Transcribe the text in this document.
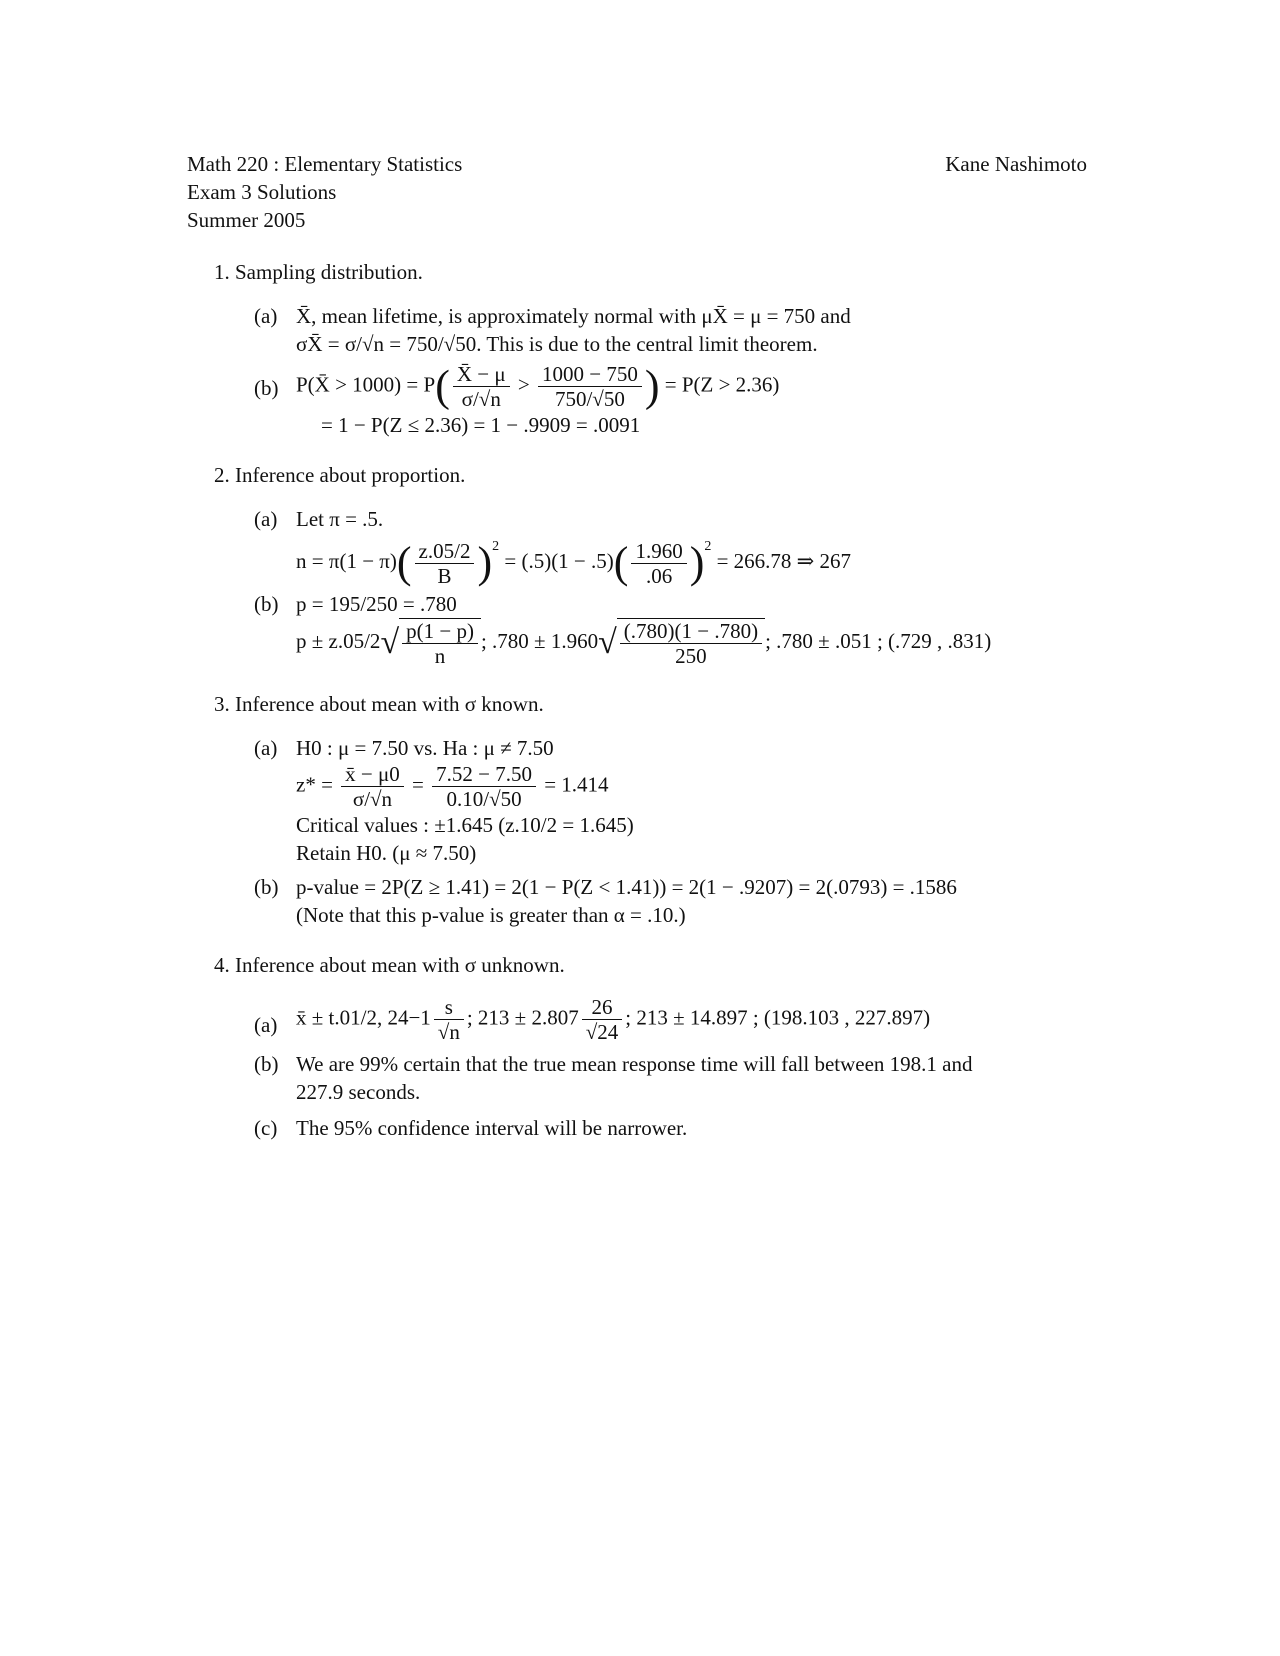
Math 220 : Elementary Statistics
Exam 3 Solutions
Summer 2005
Kane Nashimoto
1. Sampling distribution.
(a) X̄, mean lifetime, is approximately normal with μX̄ = μ = 750 and
σX̄ = σ/√n = 750/√50. This is due to the central limit theorem.
(b) P(X̄ > $1000) = P( \frac{X̄ - \mu}{\sigma/√n} > \frac{1000 - 750}{750/√50}$ ) = P(Z > 2.36)
= 1 − P(Z ≤ 2.36) = 1 − .9909 = .0091
2. Inference about proportion.
(a) Let π = .5.
$n = \pi(1 - \pi)( \frac{z.05/2}{B} )^2 = (.5)(1 - .5)( \frac{1.960}{.06} )^2 = 266.78$ ⇒ 267
(b) p = 195/250 = .780
$p \pm z.05/2√ \frac{p(1 - p)}{n}$ ; $.780 \pm 1.960√ \frac{(.780)(1 - .780)}{250}$ ; .780 ± .051 ; (.729 , .831)
3. Inference about mean with σ known.
(a) H0 : μ = 7.50 vs. Ha : μ ≠ 7.50
$z* = \frac{x̄ - \mu 0}{\sigma/√n} = \frac{7.52 - 7.50}{0.10/√50} = 1.414$
Critical values : ±1.645 (z.10/2 = 1.645)
Retain H0. (μ ≈ 7.50)
(b) p-value = 2P(Z ≥ 1.41) = 2(1 − P(Z < 1.41)) = 2(1 − .9207) = 2(.0793) = .1586
(Note that this p-value is greater than α = .10.)
4. Inference about mean with σ unknown.
(a) x̄ ± t.01/2, $24-1 \frac{s}{√n}$ ; $213 \pm 2.807 \frac{26}{√24}$ ; 213 ± 14.897 ; (198.103 , 227.897)
(b) We are 99% certain that the true mean response time will fall between 198.1 and
227.9 seconds.
(c) The 95% confidence interval will be narrower.
